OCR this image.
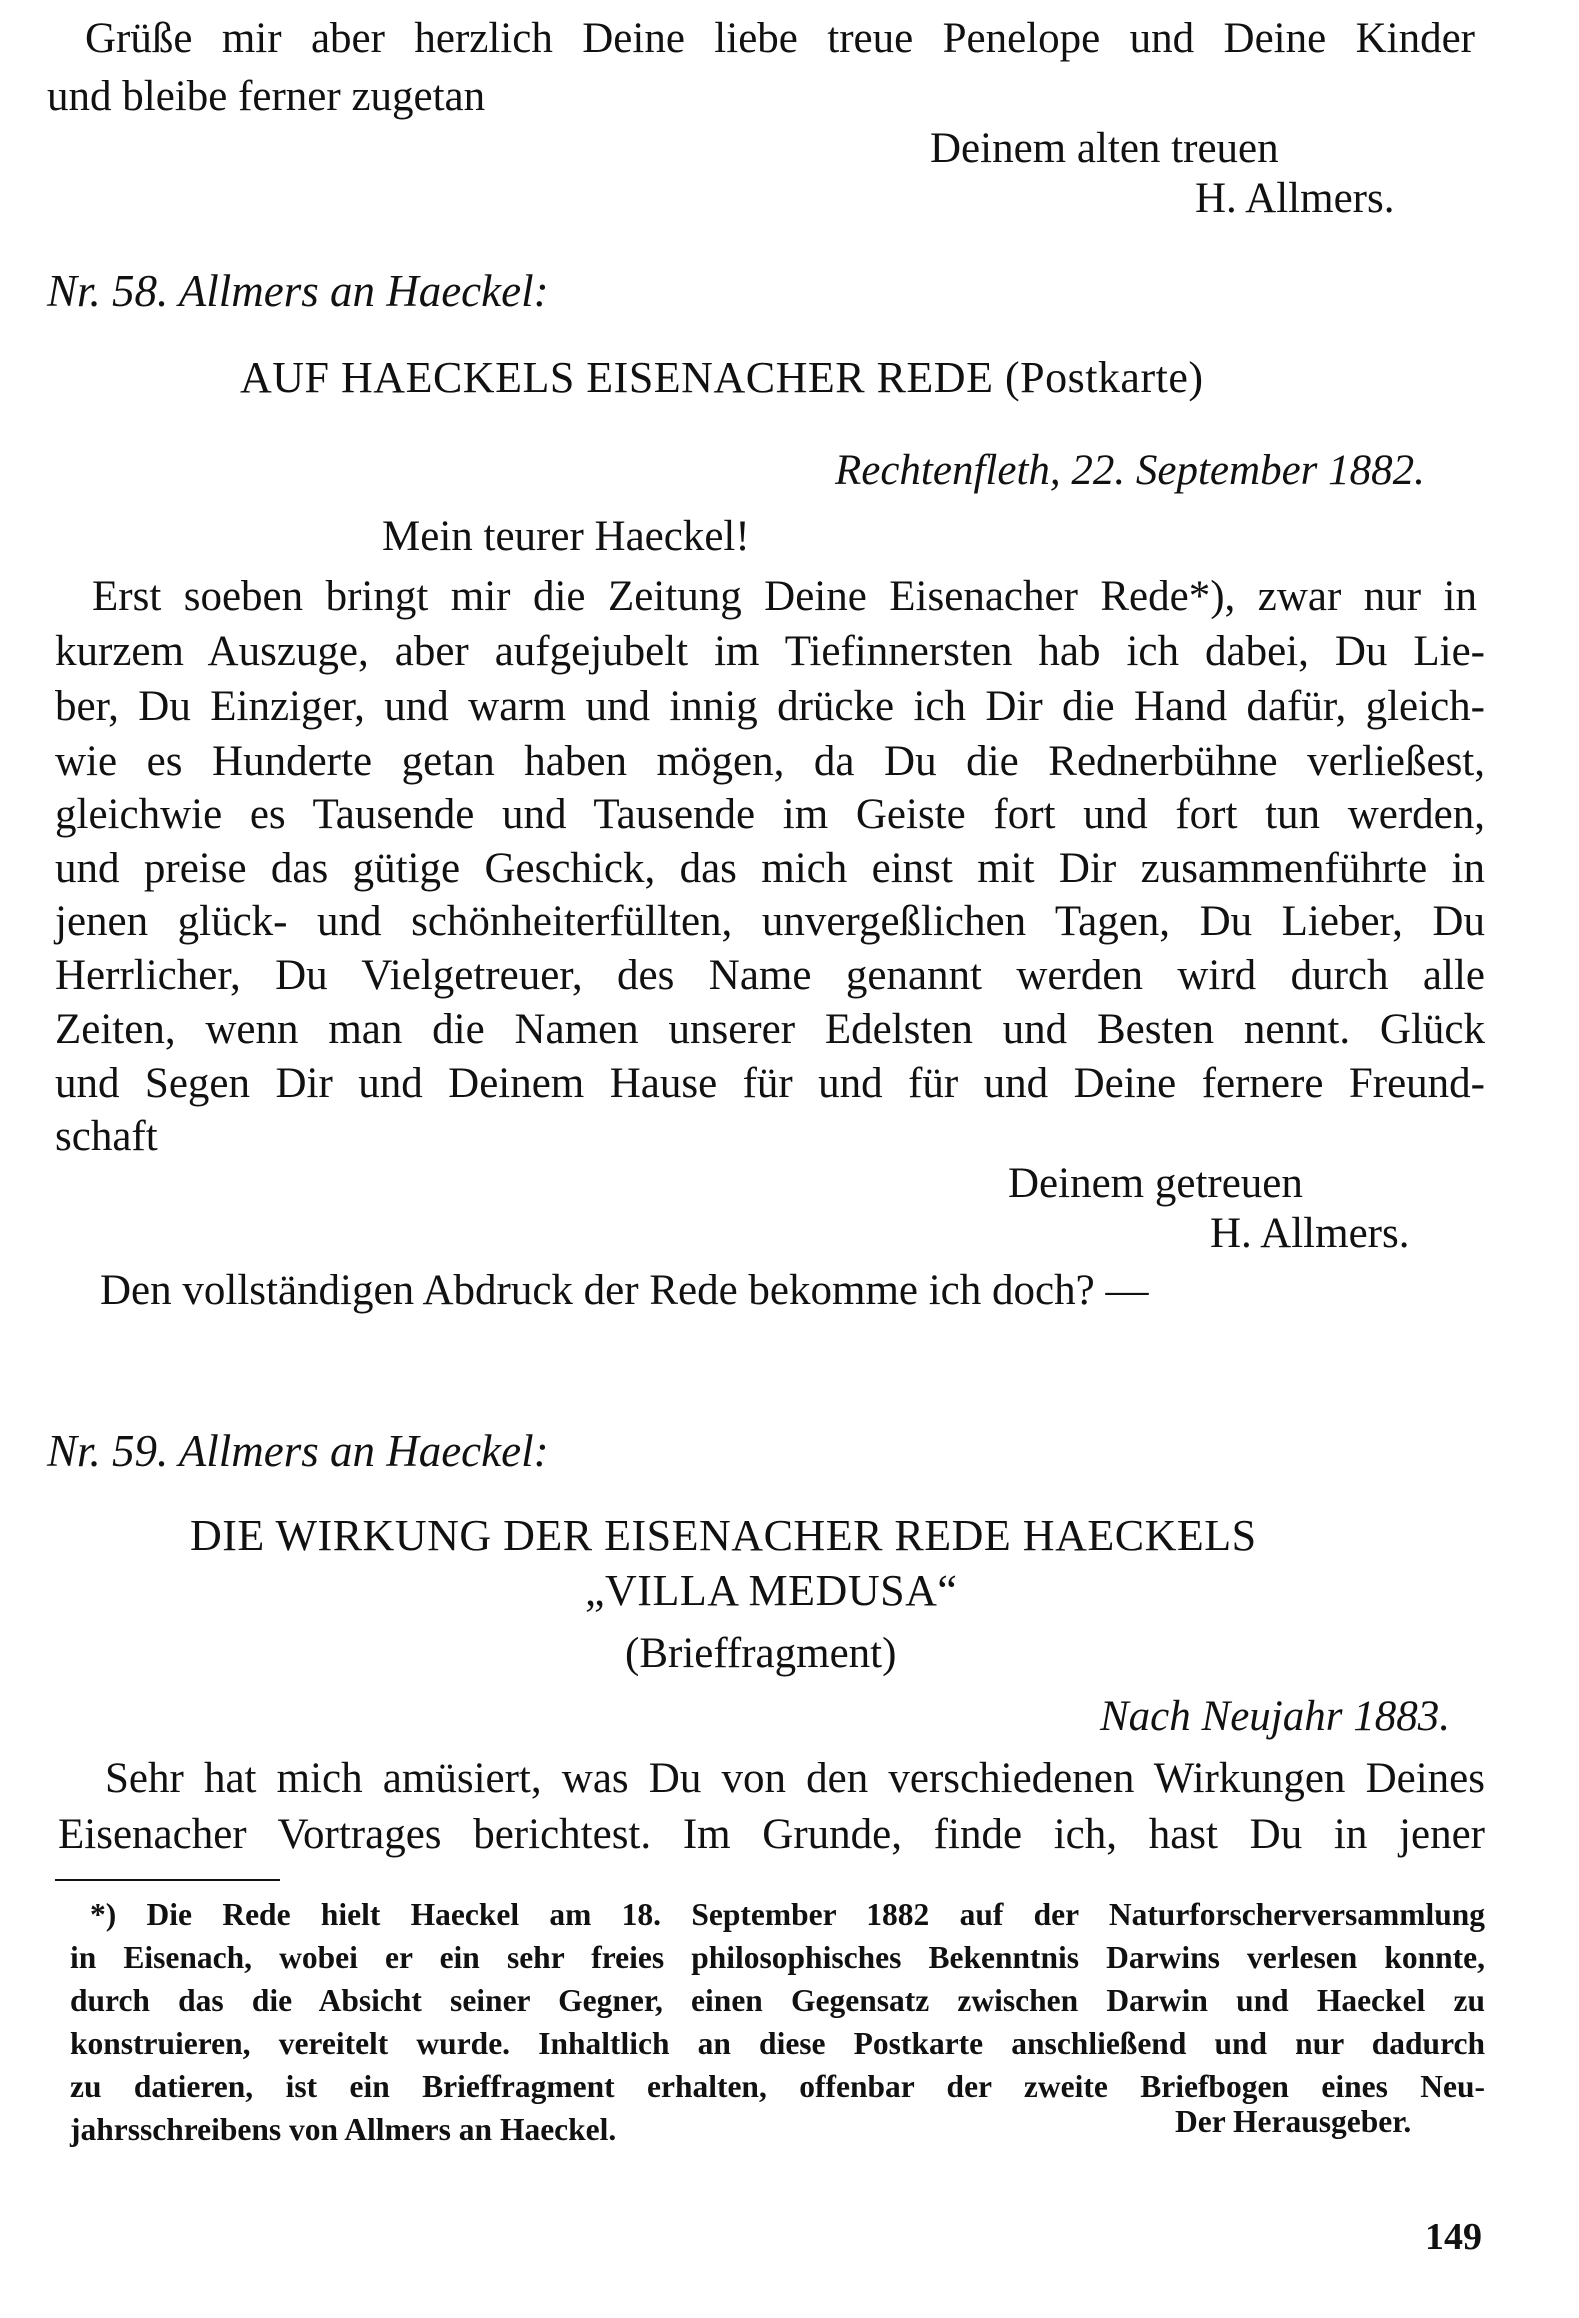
Grüße mir aber herzlich Deine liebe treue Penelope und Deine Kinder
und bleibe ferner zugetan
Deinem alten treuen
H. Allmers.
Nr. 58. Allmers an Haeckel:
AUF HAECKELS EISENACHER REDE (Postkarte)
Rechtenfleth, 22. September 1882.
Mein teurer Haeckel!
Erst soeben bringt mir die Zeitung Deine Eisenacher Rede*), zwar nur in
kurzem Auszuge, aber aufgejubelt im Tiefinnersten hab ich dabei, Du Lie-
ber, Du Einziger, und warm und innig drücke ich Dir die Hand dafür, gleich-
wie es Hunderte getan haben mögen, da Du die Rednerbühne verließest,
gleichwie es Tausende und Tausende im Geiste fort und fort tun werden,
und preise das gütige Geschick, das mich einst mit Dir zusammenführte in
jenen glück- und schönheiterfüllten, unvergeßlichen Tagen, Du Lieber, Du
Herrlicher, Du Vielgetreuer, des Name genannt werden wird durch alle
Zeiten, wenn man die Namen unserer Edelsten und Besten nennt. Glück
und Segen Dir und Deinem Hause für und für und Deine fernere Freund-
schaft
Deinem getreuen
H. Allmers.
Den vollständigen Abdruck der Rede bekomme ich doch? —
Nr. 59. Allmers an Haeckel:
DIE WIRKUNG DER EISENACHER REDE HAECKELS
„VILLA MEDUSA“
(Brieffragment)
Nach Neujahr 1883.
Sehr hat mich amüsiert, was Du von den verschiedenen Wirkungen Deines
Eisenacher Vortrages berichtest. Im Grunde, finde ich, hast Du in jener
*) Die Rede hielt Haeckel am 18. September 1882 auf der Naturforscherversammlung
in Eisenach, wobei er ein sehr freies philosophisches Bekenntnis Darwins verlesen konnte,
durch das die Absicht seiner Gegner, einen Gegensatz zwischen Darwin und Haeckel zu
konstruieren, vereitelt wurde. Inhaltlich an diese Postkarte anschließend und nur dadurch
zu datieren, ist ein Brieffragment erhalten, offenbar der zweite Briefbogen eines Neu-
jahrsschreibens von Allmers an Haeckel.	Der Herausgeber.
149
